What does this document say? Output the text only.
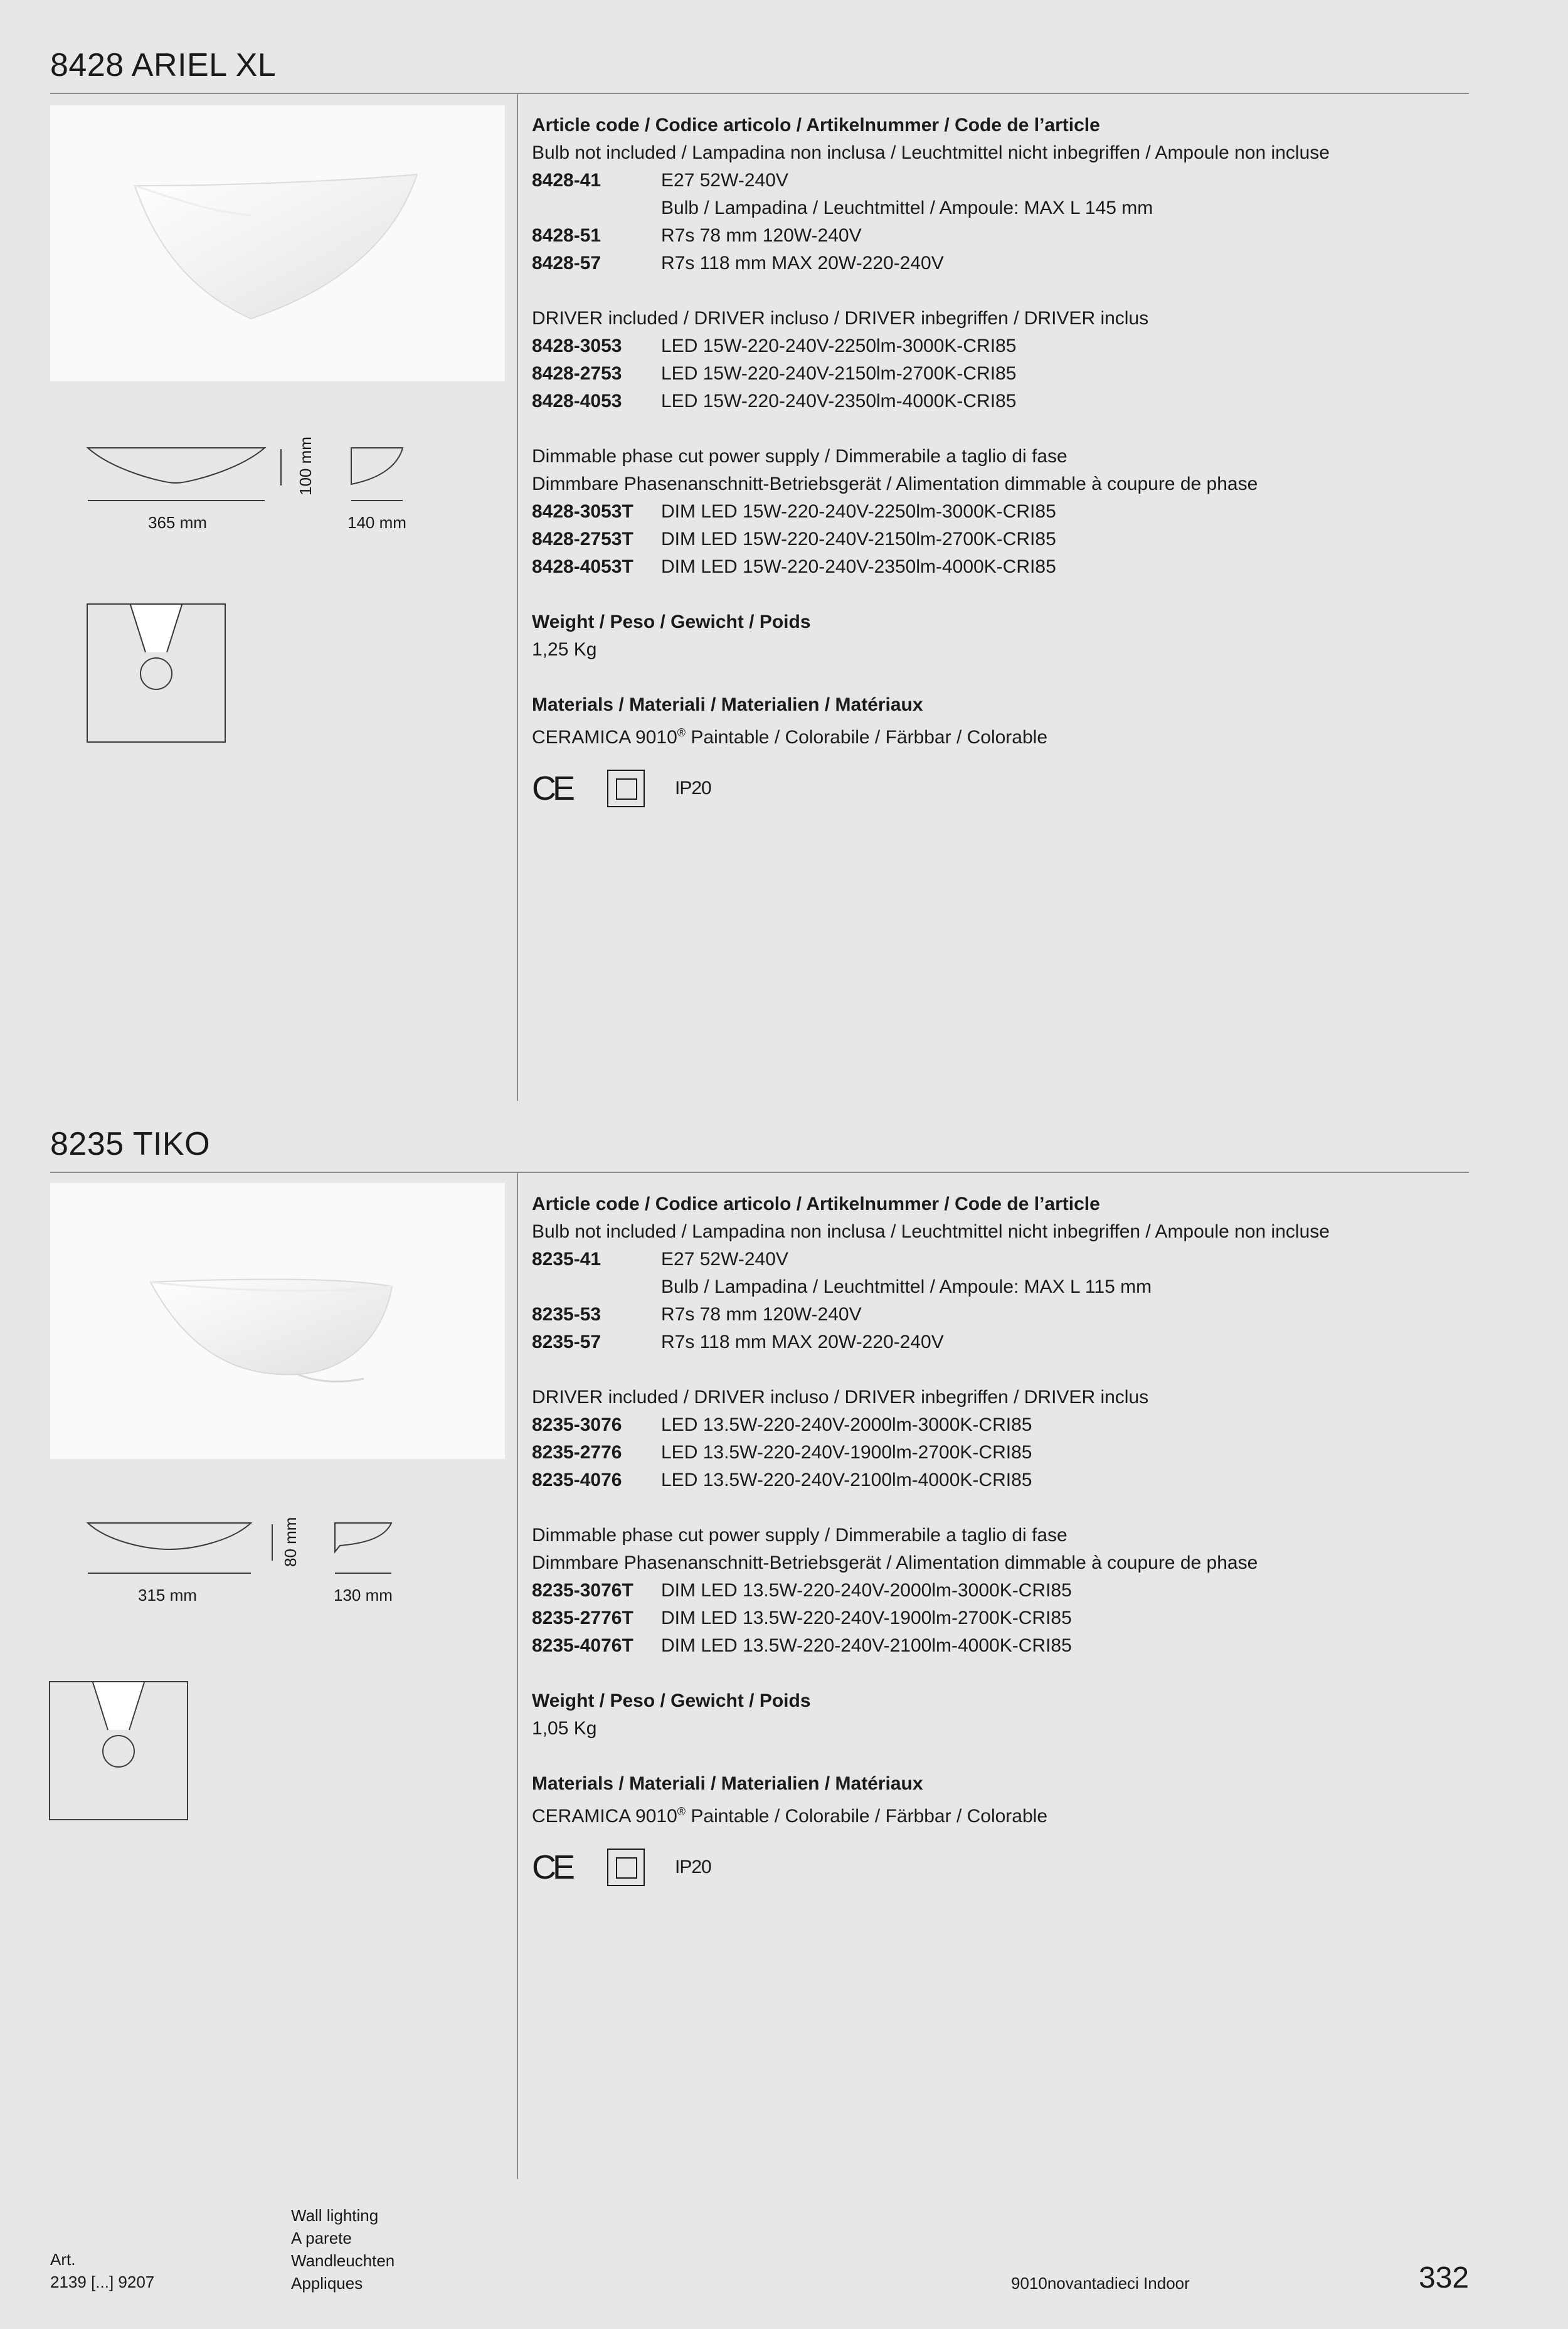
8428 ARIEL XL
365 mm	140 mm
100 mm
Article code / Codice articolo / Artikelnummer / Code de l’article
Bulb not included / Lampadina non inclusa / Leuchtmittel nicht inbegriffen / Ampoule non incluse
8428-41	E27 52W-240V
Bulb / Lampadina / Leuchtmittel / Ampoule: MAX L 145 mm
8428-51	R7s 78 mm 120W-240V
8428-57	R7s 118 mm MAX 20W-220-240V
DRIVER included / DRIVER incluso / DRIVER inbegriffen / DRIVER inclus
8428-3053	LED 15W-220-240V-2250lm-3000K-CRI85
8428-2753	LED 15W-220-240V-2150lm-2700K-CRI85
8428-4053	LED 15W-220-240V-2350lm-4000K-CRI85
Dimmable phase cut power supply / Dimmerabile a taglio di fase
Dimmbare Phasenanschnitt-Betriebsgerät / Alimentation dimmable à coupure de phase
8428-3053T	DIM LED 15W-220-240V-2250lm-3000K-CRI85
8428-2753T	DIM LED 15W-220-240V-2150lm-2700K-CRI85
8428-4053T	DIM LED 15W-220-240V-2350lm-4000K-CRI85
Weight / Peso / Gewicht / Poids
1,25 Kg
Materials / Materiali / Materialien / Matériaux
CERAMICA 9010® Paintable / Colorabile / Färbbar / Colorable
CE	IP20
8235 TIKO
315 mm	130 mm
80 mm
Article code / Codice articolo / Artikelnummer / Code de l’article
Bulb not included / Lampadina non inclusa / Leuchtmittel nicht inbegriffen / Ampoule non incluse
8235-41	E27 52W-240V
Bulb / Lampadina / Leuchtmittel / Ampoule: MAX L 115 mm
8235-53	R7s 78 mm 120W-240V
8235-57	R7s 118 mm MAX 20W-220-240V
DRIVER included / DRIVER incluso / DRIVER inbegriffen / DRIVER inclus
8235-3076	LED 13.5W-220-240V-2000lm-3000K-CRI85
8235-2776	LED 13.5W-220-240V-1900lm-2700K-CRI85
8235-4076	LED 13.5W-220-240V-2100lm-4000K-CRI85
Dimmable phase cut power supply / Dimmerabile a taglio di fase
Dimmbare Phasenanschnitt-Betriebsgerät / Alimentation dimmable à coupure de phase
8235-3076T	DIM LED 13.5W-220-240V-2000lm-3000K-CRI85
8235-2776T	DIM LED 13.5W-220-240V-1900lm-2700K-CRI85
8235-4076T	DIM LED 13.5W-220-240V-2100lm-4000K-CRI85
Weight / Peso / Gewicht / Poids
1,05 Kg
Materials / Materiali / Materialien / Matériaux
CERAMICA 9010® Paintable / Colorabile / Färbbar / Colorable
CE	IP20
Art.
2139 [...] 9207
Wall lighting
A parete
Wandleuchten
Appliques	9010novantadieci Indoor	332
